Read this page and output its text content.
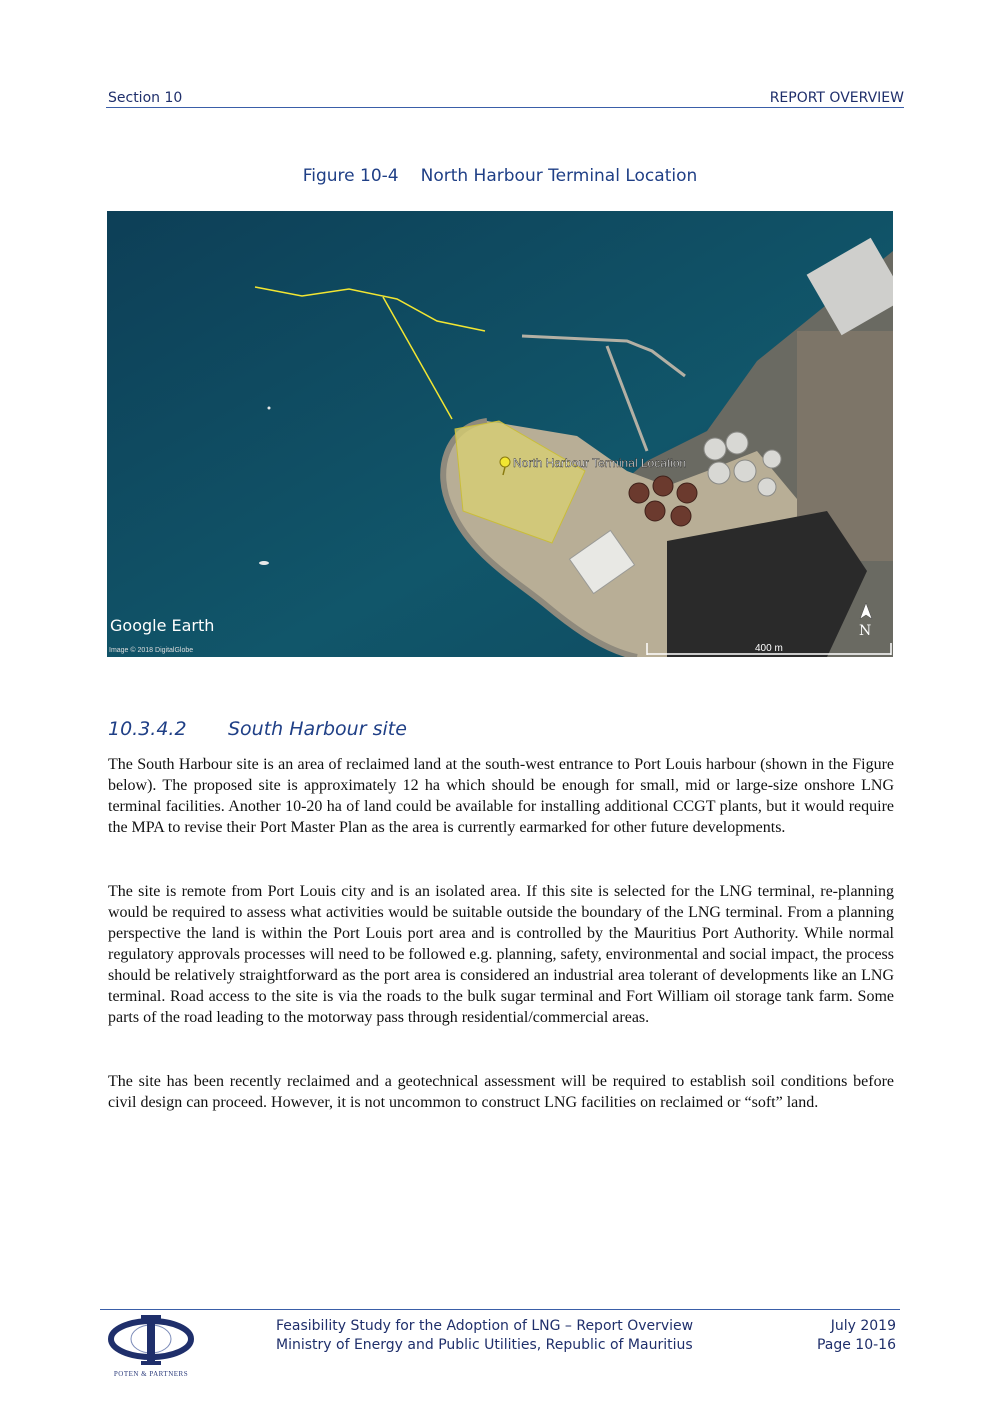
Section 10	REPORT OVERVIEW
Figure 10-4 North Harbour Terminal Location
North Harbour Terminal Location
Google Earth
Image © 2018 DigitalGlobe	400 m
N
10.3.4.2 South Harbour site

The South Harbour site is an area of reclaimed land at the south-west entrance to Port Louis harbour (shown in the Figure below). The proposed site is approximately 12 ha which should be enough for small, mid or large-size onshore LNG terminal facilities. Another 10-20 ha of land could be available for installing additional CCGT plants, but it would require the MPA to revise their Port Master Plan as the area is currently earmarked for other future developments.

The site is remote from Port Louis city and is an isolated area. If this site is selected for the LNG terminal, re-planning would be required to assess what activities would be suitable outside the boundary of the LNG terminal. From a planning perspective the land is within the Port Louis port area and is controlled by the Mauritius Port Authority. While normal regulatory approvals processes will need to be followed e.g. planning, safety, environmental and social impact, the process should be relatively straightforward as the port area is considered an industrial area tolerant of developments like an LNG terminal. Road access to the site is via the roads to the bulk sugar terminal and Fort William oil storage tank farm. Some parts of the road leading to the motorway pass through residential/commercial areas.

The site has been recently reclaimed and a geotechnical assessment will be required to establish soil conditions before civil design can proceed. However, it is not uncommon to construct LNG facilities on reclaimed or “soft” land.

POTEN & PARTNERS
Feasibility Study for the Adoption of LNG – Report Overview
Ministry of Energy and Public Utilities, Republic of Mauritius
July 2019
Page 10-16
